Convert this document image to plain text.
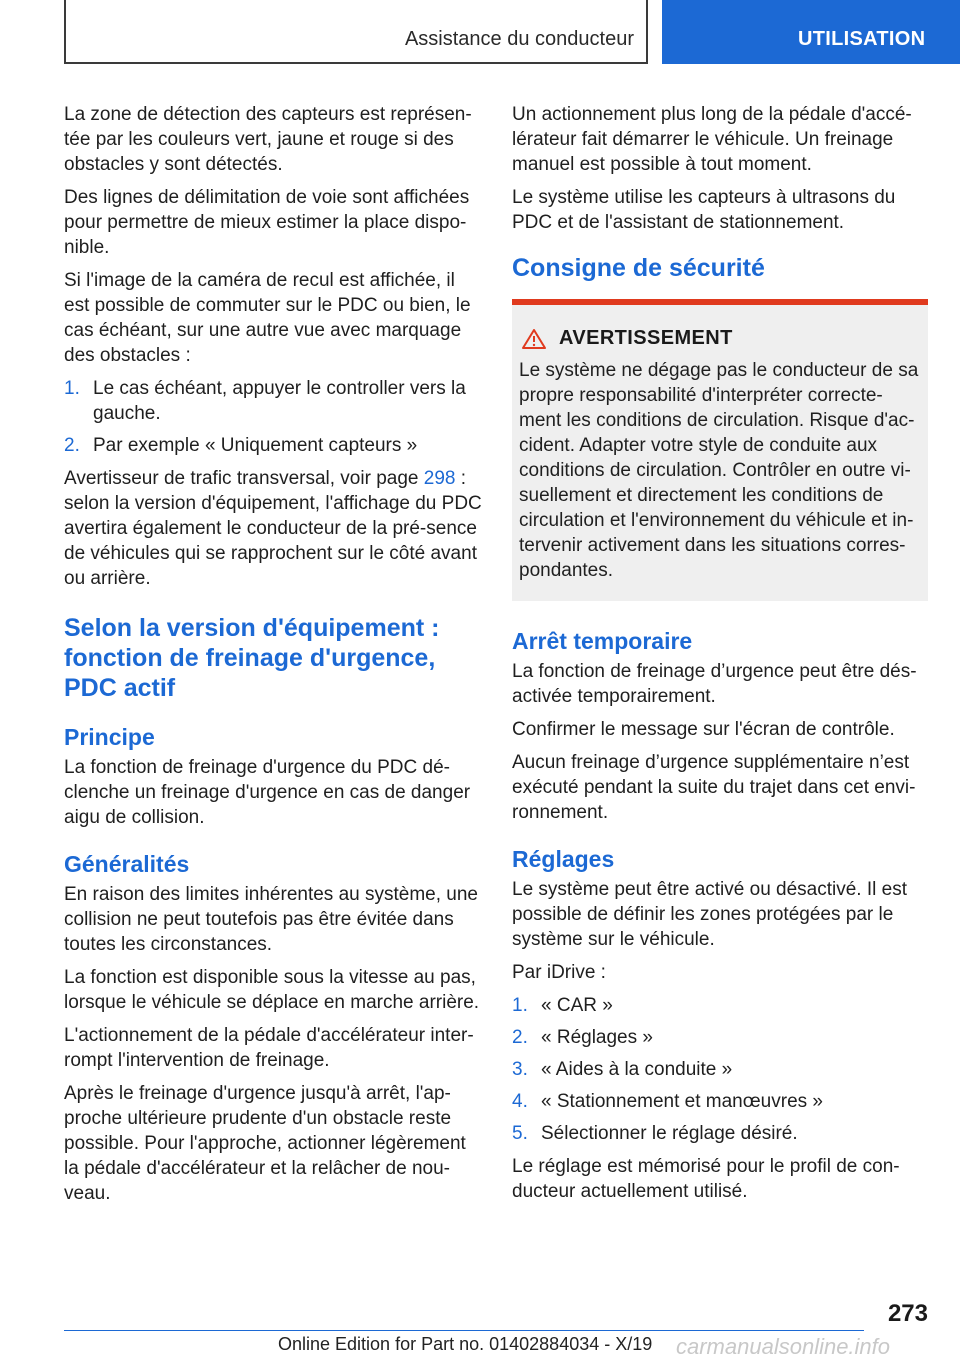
Assistance du conducteur	UTILISATION

La zone de détection des capteurs est représen-tée par les couleurs vert, jaune et rouge si des obstacles y sont détectés.

Des lignes de délimitation de voie sont affichées pour permettre de mieux estimer la place dispo-nible.

Si l'image de la caméra de recul est affichée, il est possible de commuter sur le PDC ou bien, le cas échéant, sur une autre vue avec marquage des obstacles :

1. Le cas échéant, appuyer le controller vers la gauche.
2. Par exemple « Uniquement capteurs »

Avertisseur de trafic transversal, voir page 298 : selon la version d'équipement, l'affichage du PDC avertira également le conducteur de la pré-sence de véhicules qui se rapprochent sur le côté avant ou arrière.

Selon la version d'équipement : fonction de freinage d'urgence, PDC actif
Principe

La fonction de freinage d'urgence du PDC dé-clenche un freinage d'urgence en cas de danger aigu de collision.

Généralités

En raison des limites inhérentes au système, une collision ne peut toutefois pas être évitée dans toutes les circonstances.

La fonction est disponible sous la vitesse au pas, lorsque le véhicule se déplace en marche arrière.

L'actionnement de la pédale d'accélérateur inter-rompt l'intervention de freinage.

Après le freinage d'urgence jusqu'à arrêt, l'ap-proche ultérieure prudente d'un obstacle reste possible. Pour l'approche, actionner légèrement la pédale d'accélérateur et la relâcher de nou-veau.

Un actionnement plus long de la pédale d'accé-lérateur fait démarrer le véhicule. Un freinage manuel est possible à tout moment.

Le système utilise les capteurs à ultrasons du PDC et de l'assistant de stationnement.

Consigne de sécurité
AVERTISSEMENT

Le système ne dégage pas le conducteur de sa propre responsabilité d'interpréter correcte-ment les conditions de circulation. Risque d'ac-cident. Adapter votre style de conduite aux conditions de circulation. Contrôler en outre vi-suellement et directement les conditions de circulation et l'environnement du véhicule et in-tervenir activement dans les situations corres-pondantes.

Arrêt temporaire

La fonction de freinage d’urgence peut être dés-activée temporairement.

Confirmer le message sur l'écran de contrôle.

Aucun freinage d’urgence supplémentaire n’est exécuté pendant la suite du trajet dans cet envi-ronnement.

Réglages

Le système peut être activé ou désactivé. Il est possible de définir les zones protégées par le système sur le véhicule.

Par iDrive :

1. « CAR »
2. « Réglages »
3. « Aides à la conduite »
4. « Stationnement et manœuvres »
5. Sélectionner le réglage désiré.

Le réglage est mémorisé pour le profil de con-ducteur actuellement utilisé.

273
Online Edition for Part no. 01402884034 - X/19 carmanualsonline.info
